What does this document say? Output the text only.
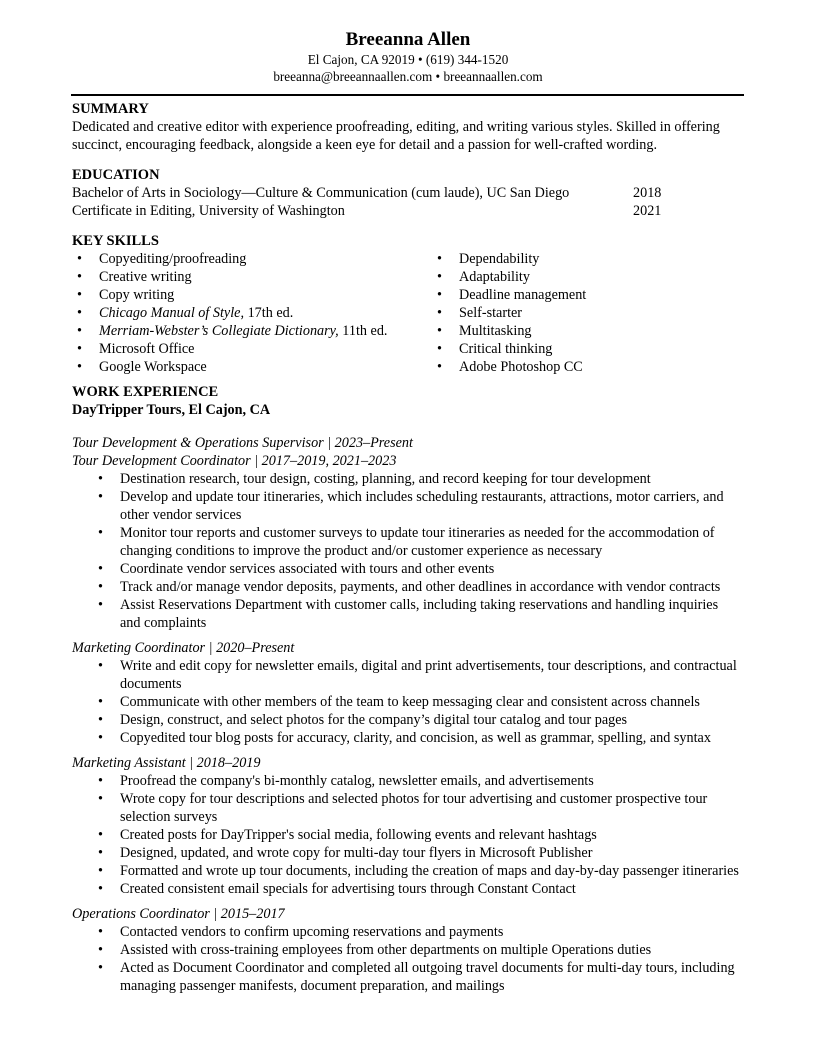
Breeanna Allen
El Cajon, CA 92019 • (619) 344-1520
breeanna@breeannaallen.com • breeannaallen.com
SUMMARY

Dedicated and creative editor with experience proofreading, editing, and writing various styles. Skilled in offering succinct, encouraging feedback, alongside a keen eye for detail and a passion for well-crafted wording.

EDUCATION
Bachelor of Arts in Sociology—Culture & Communication (cum laude), UC San Diego	2018
Certificate in Editing, University of Washington	2021
KEY SKILLS
• Copyediting/proofreading
• Creative writing
• Copy writing
• Chicago Manual of Style, 17th ed.
• Merriam-Webster’s Collegiate Dictionary, 11th ed.
• Microsoft Office
• Google Workspace
• Dependability
• Adaptability
• Deadline management
• Self-starter
• Multitasking
• Critical thinking
• Adobe Photoshop CC
WORK EXPERIENCE
DayTripper Tours, El Cajon, CA
Tour Development & Operations Supervisor | 2023–Present
Tour Development Coordinator | 2017–2019, 2021–2023
• Destination research, tour design, costing, planning, and record keeping for tour development
• Develop and update tour itineraries, which includes scheduling restaurants, attractions, motor carriers, and other vendor services
• Monitor tour reports and customer surveys to update tour itineraries as needed for the accommodation of changing conditions to improve the product and/or customer experience as necessary
• Coordinate vendor services associated with tours and other events
• Track and/or manage vendor deposits, payments, and other deadlines in accordance with vendor contracts
• Assist Reservations Department with customer calls, including taking reservations and handling inquiries and complaints
Marketing Coordinator | 2020–Present
• Write and edit copy for newsletter emails, digital and print advertisements, tour descriptions, and contractual documents
• Communicate with other members of the team to keep messaging clear and consistent across channels
• Design, construct, and select photos for the company’s digital tour catalog and tour pages
• Copyedited tour blog posts for accuracy, clarity, and concision, as well as grammar, spelling, and syntax
Marketing Assistant | 2018–2019
• Proofread the company's bi-monthly catalog, newsletter emails, and advertisements
• Wrote copy for tour descriptions and selected photos for tour advertising and customer prospective tour selection surveys
• Created posts for DayTripper's social media, following events and relevant hashtags
• Designed, updated, and wrote copy for multi-day tour flyers in Microsoft Publisher
• Formatted and wrote up tour documents, including the creation of maps and day-by-day passenger itineraries
• Created consistent email specials for advertising tours through Constant Contact
Operations Coordinator | 2015–2017
• Contacted vendors to confirm upcoming reservations and payments
• Assisted with cross-training employees from other departments on multiple Operations duties
• Acted as Document Coordinator and completed all outgoing travel documents for multi-day tours, including managing passenger manifests, document preparation, and mailings
